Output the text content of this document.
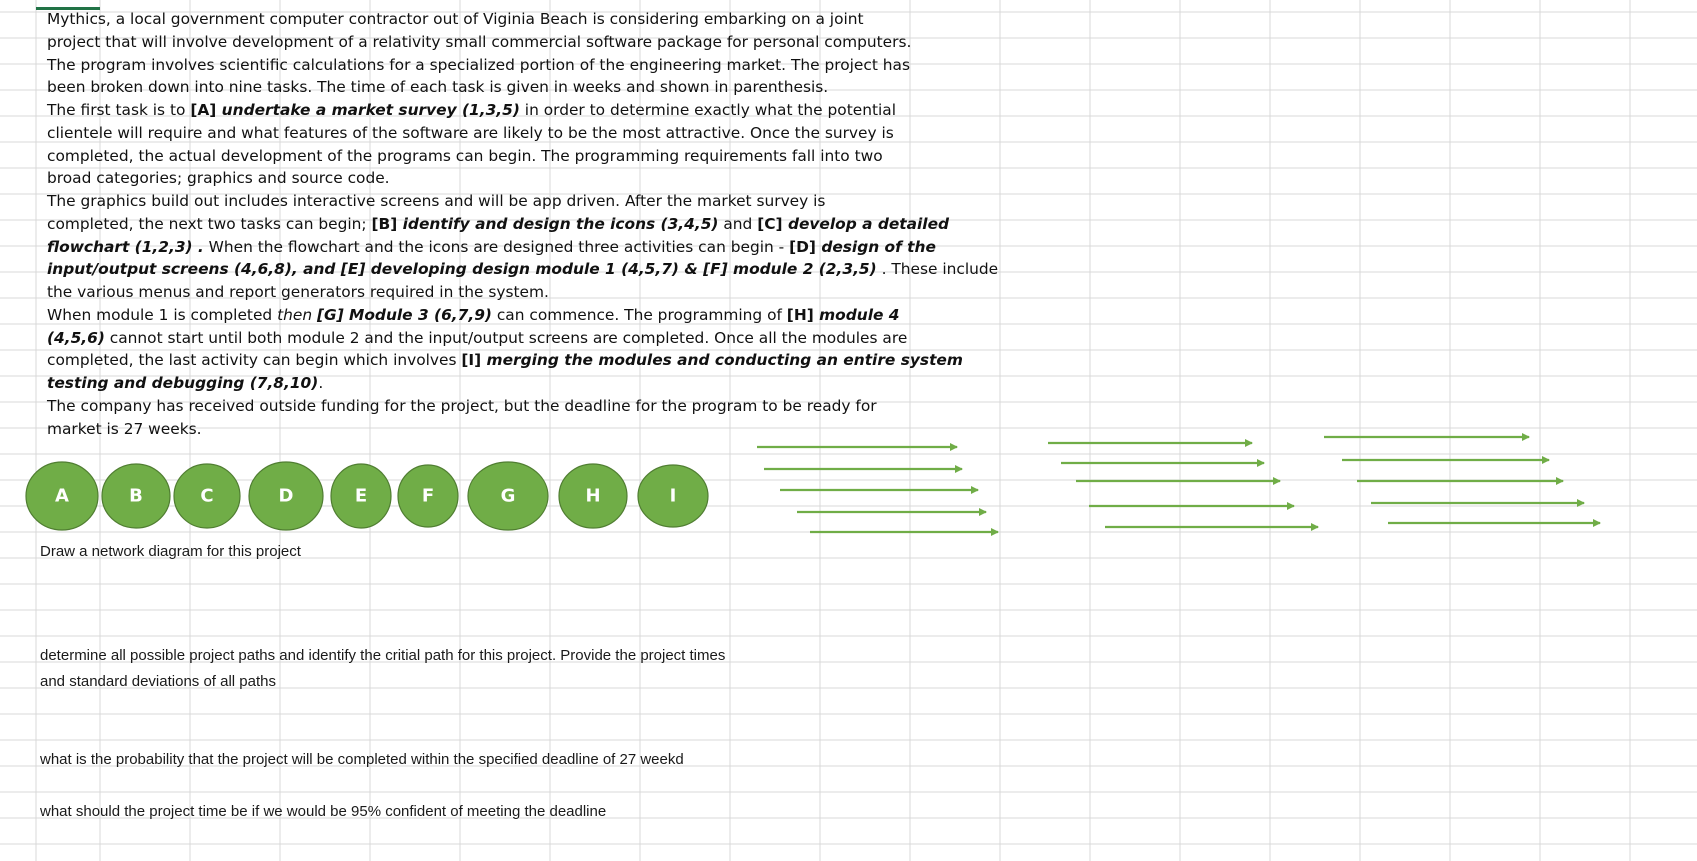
Mythics, a local government computer contractor out of Viginia Beach is considering embarking on a joint
project that will involve development of a relativity small commercial software package for personal computers.
The program involves scientific calculations for a specialized portion of the engineering market. The project has
been broken down into nine tasks. The time of each task is given in weeks and shown in parenthesis.
The first task is to [A] undertake a market survey (1,3,5) in order to determine exactly what the potential
clientele will require and what features of the software are likely to be the most attractive. Once the survey is
completed, the actual development of the programs can begin. The programming requirements fall into two
broad categories; graphics and source code.
The graphics build out includes interactive screens and will be app driven. After the market survey is
completed, the next two tasks can begin; [B] identify and design the icons (3,4,5) and [C] develop a detailed
flowchart (1,2,3) . When the flowchart and the icons are designed three activities can begin - [D] design of the
input/output screens (4,6,8), and [E] developing design module 1 (4,5,7) & [F] module 2 (2,3,5) . These include
the various menus and report generators required in the system.
When module 1 is completed then [G] Module 3 (6,7,9) can commence. The programming of [H] module 4
(4,5,6) cannot start until both module 2 and the input/output screens are completed. Once all the modules are
completed, the last activity can begin which involves [I] merging the modules and conducting an entire system
testing and debugging (7,8,10).
The company has received outside funding for the project, but the deadline for the program to be ready for
market is 27 weeks.
Draw a network diagram for this project
determine all possible project paths and identify the critial path for this project. Provide the project times
and standard deviations of all paths
what is the probability that the project will be completed within the specified deadline of 27 weekd
what should the project time be if we would be 95% confident of meeting the deadline
A	B	C	D	E	F	G	H	I
